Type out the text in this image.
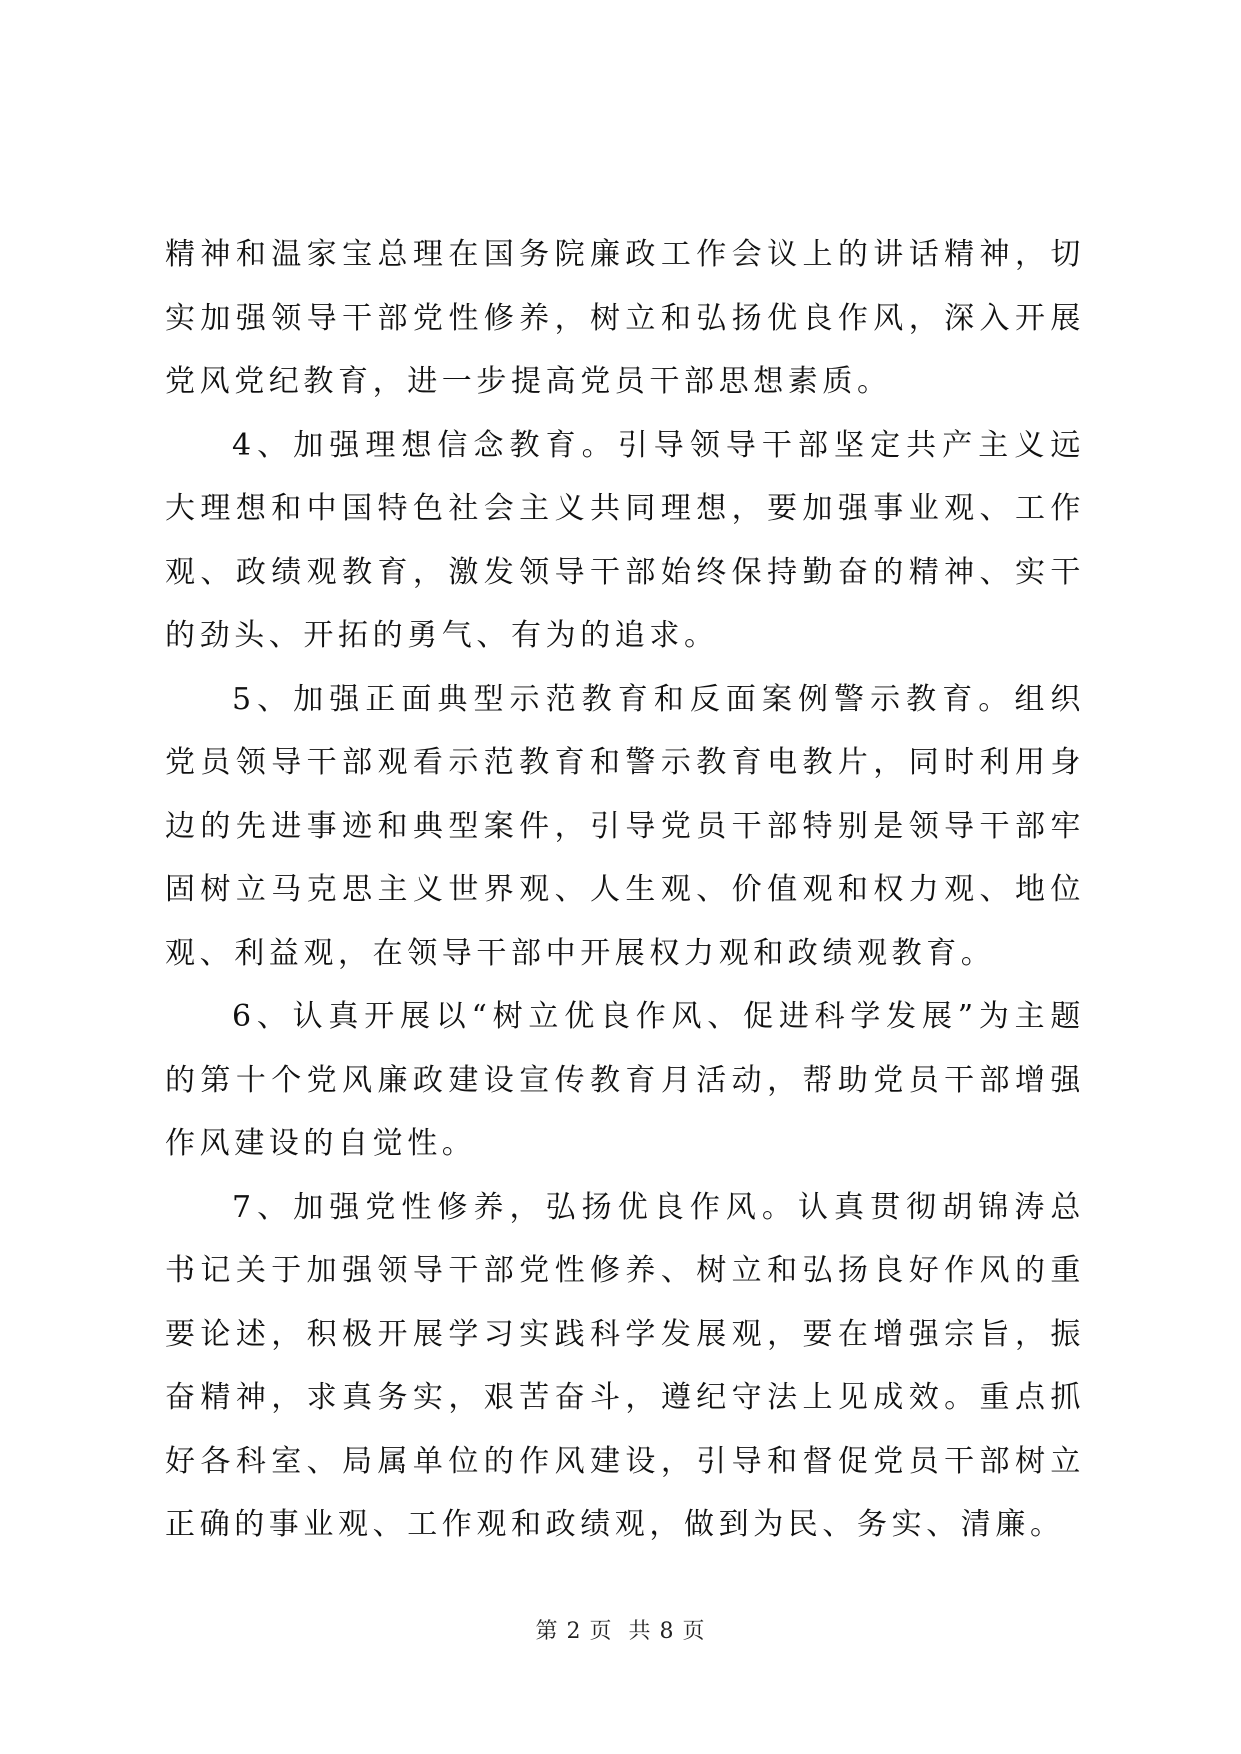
精神和温家宝总理在国务院廉政工作会议上的讲话精神，切实加强领导干部党性修养，树立和弘扬优良作风，深入开展党风党纪教育，进一步提高党员干部思想素质。

4、加强理想信念教育。引导领导干部坚定共产主义远大理想和中国特色社会主义共同理想，要加强事业观、工作观、政绩观教育，激发领导干部始终保持勤奋的精神、实干的劲头、开拓的勇气、有为的追求。

5、加强正面典型示范教育和反面案例警示教育。组织党员领导干部观看示范教育和警示教育电教片，同时利用身边的先进事迹和典型案件，引导党员干部特别是领导干部牢固树立马克思主义世界观、人生观、价值观和权力观、地位观、利益观，在领导干部中开展权力观和政绩观教育。

6、认真开展以“树立优良作风、促进科学发展”为主题的第十个党风廉政建设宣传教育月活动，帮助党员干部增强作风建设的自觉性。

7、加强党性修养，弘扬优良作风。认真贯彻胡锦涛总书记关于加强领导干部党性修养、树立和弘扬良好作风的重要论述，积极开展学习实践科学发展观，要在增强宗旨，振奋精神，求真务实，艰苦奋斗，遵纪守法上见成效。重点抓好各科室、局属单位的作风建设，引导和督促党员干部树立正确的事业观、工作观和政绩观，做到为民、务实、清廉。

第 2 页  共 8 页
